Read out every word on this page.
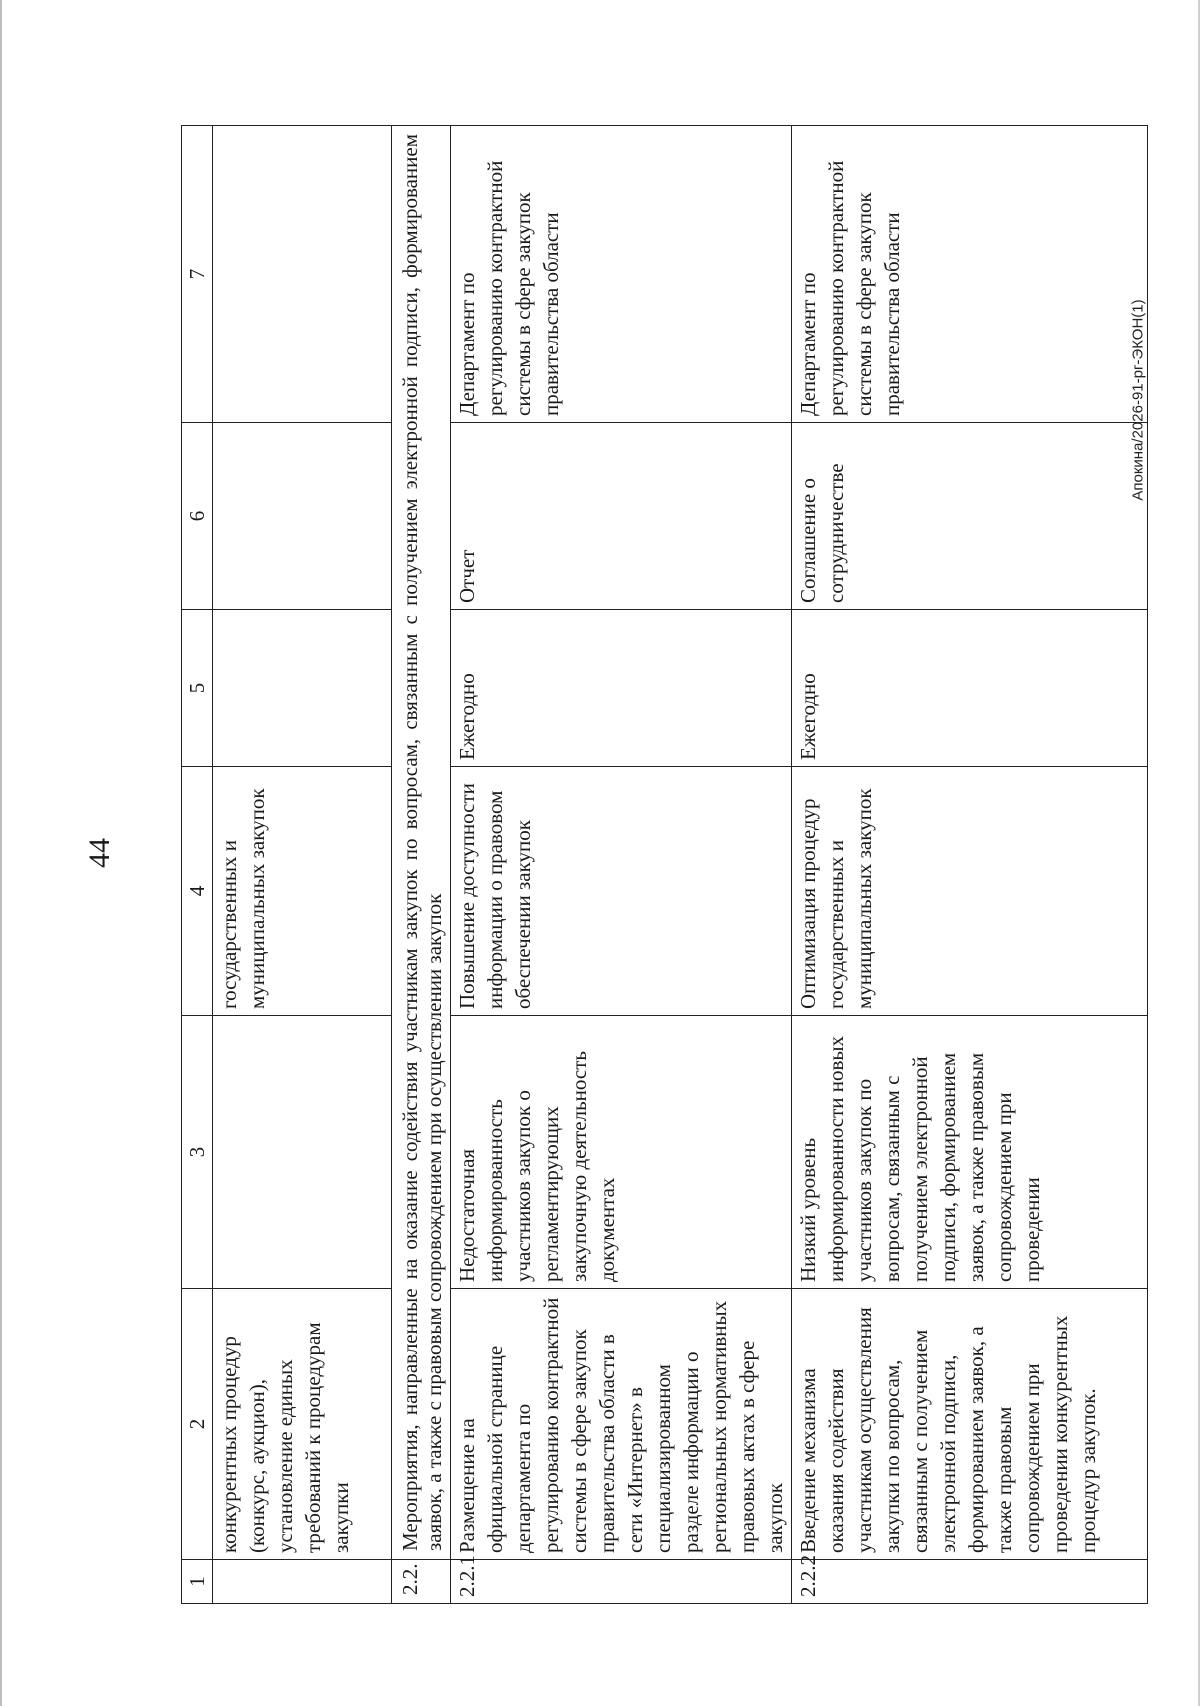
44
1	2	3	4	5	6	7
	конкурентных процедур (конкурс, аукцион), установление единых требований к процедурам закупки		государственных и муниципальных закупок			
2.2.	Мероприятия, направленные на оказание содействия участникам закупок по вопросам, связанным с получением электронной подписи, формированием заявок, а также с правовым сопровождением при осуществлении закупок					
2.2.1	Размещение на официальной странице департамента по регулированию контрактной системы в сфере закупок правительства области в сети «Интернет» в специализированном разделе информации о региональных нормативных правовых актах в сфере закупок	Недостаточная информированность участников закупок о регламентирующих закупочную деятельность документах	Повышение доступности информации о правовом обеспечении закупок	Ежегодно	Отчет	Департамент по регулированию контрактной системы в сфере закупок правительства области
2.2.2	Введение механизма оказания содействия участникам осуществления закупки по вопросам, связанным с получением электронной подписи, формированием заявок, а также правовым сопровождением при проведении конкурентных процедур закупок.	Низкий уровень информированности новых участников закупок по вопросам, связанным с получением электронной подписи, формированием заявок, а также правовым сопровождением при проведении	Оптимизация процедур государственных и муниципальных закупок	Ежегодно	Соглашение о сотрудничестве	Департамент по регулированию контрактной системы в сфере закупок правительства области	Апокина/2026-91-рг-ЭКОН(1)
